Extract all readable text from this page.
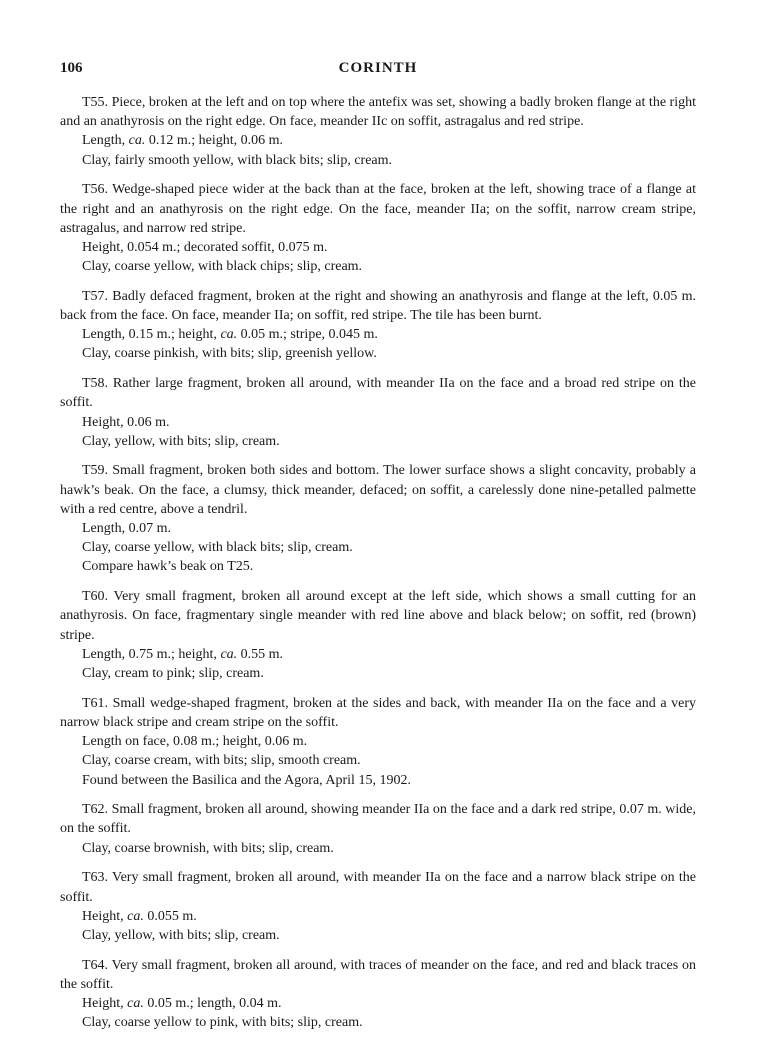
106	CORINTH
T55. Piece, broken at the left and on top where the antefix was set, showing a badly broken flange at the right and an anathyrosis on the right edge. On face, meander IIc on soffit, astragalus and red stripe.
Length, ca. 0.12 m.; height, 0.06 m.
Clay, fairly smooth yellow, with black bits; slip, cream.
T56. Wedge-shaped piece wider at the back than at the face, broken at the left, showing trace of a flange at the right and an anathyrosis on the right edge. On the face, meander IIa; on the soffit, narrow cream stripe, astragalus, and narrow red stripe.
Height, 0.054 m.; decorated soffit, 0.075 m.
Clay, coarse yellow, with black chips; slip, cream.
T57. Badly defaced fragment, broken at the right and showing an anathyrosis and flange at the left, 0.05 m. back from the face. On face, meander IIa; on soffit, red stripe. The tile has been burnt.
Length, 0.15 m.; height, ca. 0.05 m.; stripe, 0.045 m.
Clay, coarse pinkish, with bits; slip, greenish yellow.
T58. Rather large fragment, broken all around, with meander IIa on the face and a broad red stripe on the soffit.
Height, 0.06 m.
Clay, yellow, with bits; slip, cream.
T59. Small fragment, broken both sides and bottom. The lower surface shows a slight concavity, probably a hawk’s beak. On the face, a clumsy, thick meander, defaced; on soffit, a carelessly done nine-petalled palmette with a red centre, above a tendril.
Length, 0.07 m.
Clay, coarse yellow, with black bits; slip, cream.
Compare hawk’s beak on T25.
T60. Very small fragment, broken all around except at the left side, which shows a small cutting for an anathyrosis. On face, fragmentary single meander with red line above and black below; on soffit, red (brown) stripe.
Length, 0.75 m.; height, ca. 0.55 m.
Clay, cream to pink; slip, cream.
T61. Small wedge-shaped fragment, broken at the sides and back, with meander IIa on the face and a very narrow black stripe and cream stripe on the soffit.
Length on face, 0.08 m.; height, 0.06 m.
Clay, coarse cream, with bits; slip, smooth cream.
Found between the Basilica and the Agora, April 15, 1902.
T62. Small fragment, broken all around, showing meander IIa on the face and a dark red stripe, 0.07 m. wide, on the soffit.
Clay, coarse brownish, with bits; slip, cream.
T63. Very small fragment, broken all around, with meander IIa on the face and a narrow black stripe on the soffit.
Height, ca. 0.055 m.
Clay, yellow, with bits; slip, cream.
T64. Very small fragment, broken all around, with traces of meander on the face, and red and black traces on the soffit.
Height, ca. 0.05 m.; length, 0.04 m.
Clay, coarse yellow to pink, with bits; slip, cream.
